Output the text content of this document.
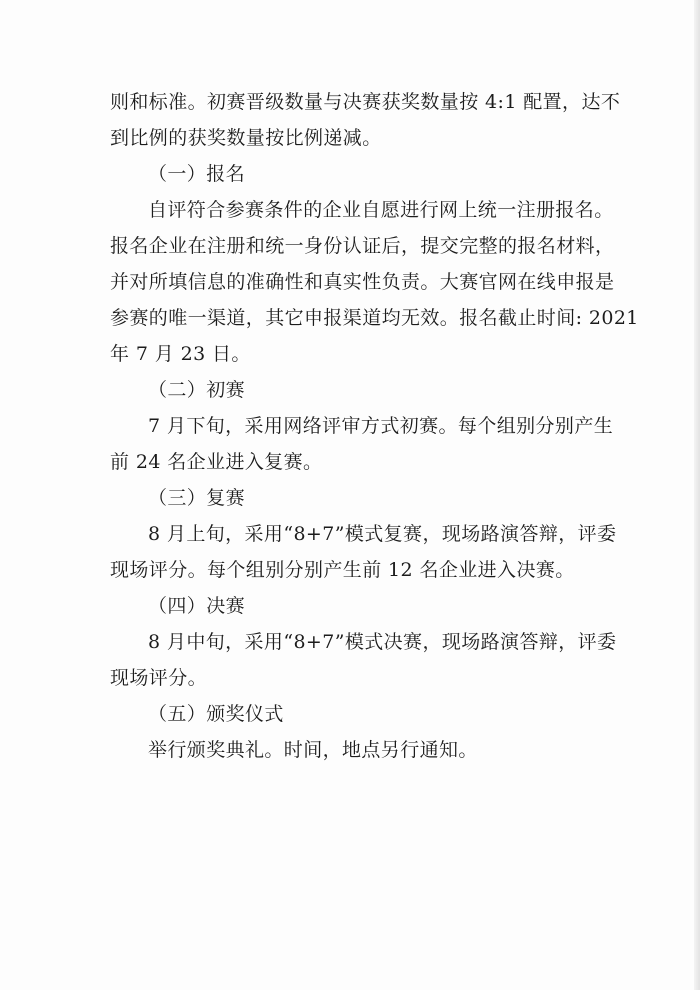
则和标准。初赛晋级数量与决赛获奖数量按 4:1 配置，达不
到比例的获奖数量按比例递减。
（一）报名
自评符合参赛条件的企业自愿进行网上统一注册报名。
报名企业在注册和统一身份认证后，提交完整的报名材料，
并对所填信息的准确性和真实性负责。大赛官网在线申报是
参赛的唯一渠道，其它申报渠道均无效。报名截止时间: 2021
年 7 月 23 日。
（二）初赛
7 月下旬，采用网络评审方式初赛。每个组别分别产生
前 24 名企业进入复赛。
（三）复赛
8 月上旬，采用“8+7”模式复赛，现场路演答辩，评委
现场评分。每个组别分别产生前 12 名企业进入决赛。
（四）决赛
8 月中旬，采用“8+7”模式决赛，现场路演答辩，评委
现场评分。
（五）颁奖仪式
举行颁奖典礼。时间，地点另行通知。
